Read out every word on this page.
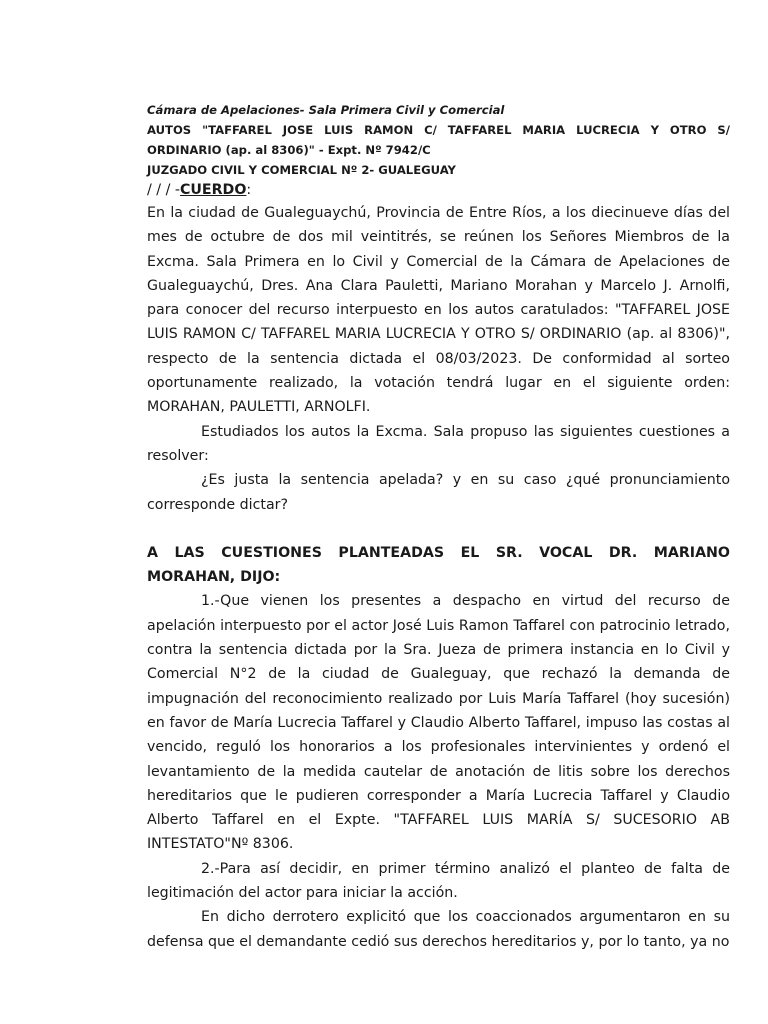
Cámara de Apelaciones- Sala Primera Civil y Comercial
AUTOS "TAFFAREL JOSE LUIS RAMON C/ TAFFAREL MARIA LUCRECIA Y OTRO S/ ORDINARIO (ap. al 8306)" - Expt. Nº 7942/C
JUZGADO CIVIL Y COMERCIAL Nº 2- GUALEGUAY

/ / / -CUERDO:

En la ciudad de Gualeguaychú, Provincia de Entre Ríos, a los diecinueve días del mes de octubre de dos mil veintitrés, se reúnen los Señores Miembros de la Excma. Sala Primera en lo Civil y Comercial de la Cámara de Apelaciones de Gualeguaychú, Dres. Ana Clara Pauletti, Mariano Morahan y Marcelo J. Arnolfi, para conocer del recurso interpuesto en los autos caratulados: "TAFFAREL JOSE LUIS RAMON C/ TAFFAREL MARIA LUCRECIA Y OTRO S/ ORDINARIO (ap. al 8306)", respecto de la sentencia dictada el 08/03/2023. De conformidad al sorteo oportunamente realizado, la votación tendrá lugar en el siguiente orden: MORAHAN, PAULETTI, ARNOLFI.

Estudiados los autos la Excma. Sala propuso las siguientes cuestiones a resolver:

¿Es justa la sentencia apelada? y en su caso ¿qué pronunciamiento corresponde dictar?

A LAS CUESTIONES PLANTEADAS EL SR. VOCAL DR. MARIANO MORAHAN, DIJO:

1.-Que vienen los presentes a despacho en virtud del recurso de apelación interpuesto por el actor José Luis Ramon Taffarel con patrocinio letrado, contra la sentencia dictada por la Sra. Jueza de primera instancia en lo Civil y Comercial N°2 de la ciudad de Gualeguay, que rechazó la demanda de impugnación del reconocimiento realizado por Luis María Taffarel (hoy sucesión) en favor de María Lucrecia Taffarel y Claudio Alberto Taffarel, impuso las costas al vencido, reguló los honorarios a los profesionales intervinientes y ordenó el levantamiento de la medida cautelar de anotación de litis sobre los derechos hereditarios que le pudieren corresponder a María Lucrecia Taffarel y Claudio Alberto Taffarel en el Expte. "TAFFAREL LUIS MARÍA S/ SUCESORIO AB INTESTATO"Nº 8306.

2.-Para así decidir, en primer término analizó el planteo de falta de legitimación del actor para iniciar la acción.

En dicho derrotero explicitó que los coaccionados argumentaron en su defensa que el demandante cedió sus derechos hereditarios y, por lo tanto, ya no
